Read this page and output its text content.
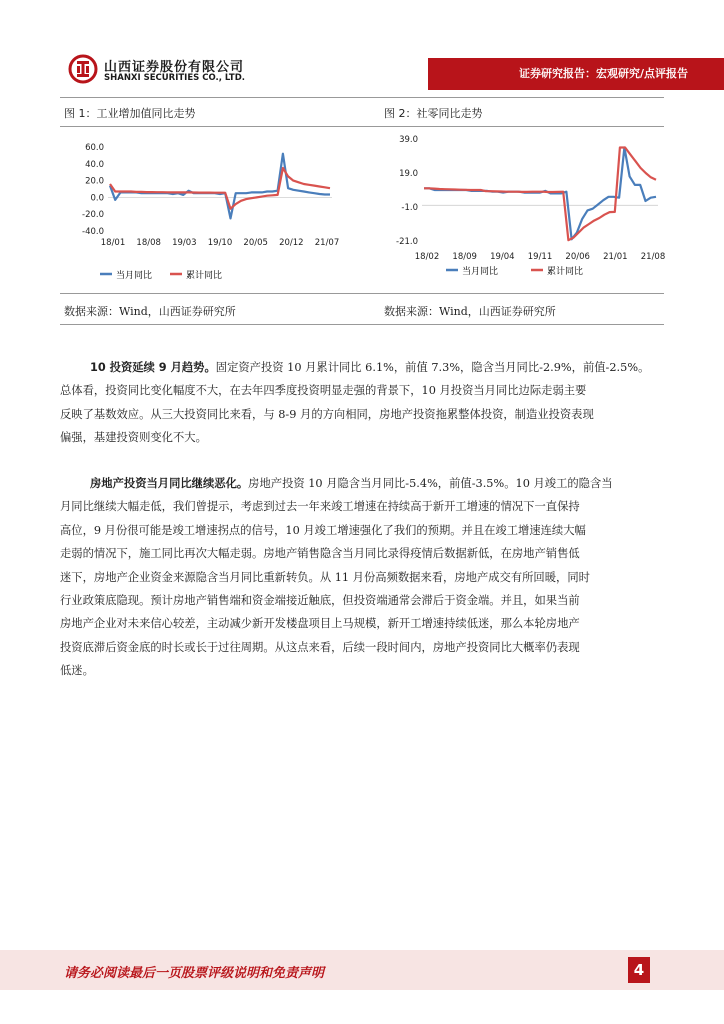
山西证券股份有限公司
SHANXI SECURITIES CO., LTD.	证券研究报告：宏观研究/点评报告
图 1：工业增加值同比走势	图 2：社零同比走势
当月同比	累计同比
60.0
40.0
20.0
0.0
-20.0
-40.0
18/01 18/08 19/03 19/10 20/05 20/12 21/07
当月同比	累计同比
39.0
19.0
-1.0
-21.0
18/02 18/09 19/04 19/11 20/06 21/01 21/08
数据来源：Wind，山西证券研究所	数据来源：Wind，山西证券研究所
10 投资延续 9 月趋势。固定资产投资 10 月累计同比 6.1%，前值 7.3%，隐含当月同比-2.9%，前值-2.5%。
总体看，投资同比变化幅度不大，在去年四季度投资明显走强的背景下，10 月投资当月同比边际走弱主要
反映了基数效应。从三大投资同比来看，与 8-9 月的方向相同，房地产投资拖累整体投资，制造业投资表现
偏强，基建投资则变化不大。
房地产投资当月同比继续恶化。房地产投资 10 月隐含当月同比-5.4%，前值-3.5%。10 月竣工的隐含当
月同比继续大幅走低，我们曾提示，考虑到过去一年来竣工增速在持续高于新开工增速的情况下一直保持
高位，9 月份很可能是竣工增速拐点的信号，10 月竣工增速强化了我们的预期。并且在竣工增速连续大幅
走弱的情况下，施工同比再次大幅走弱。房地产销售隐含当月同比录得疫情后数据新低，在房地产销售低
迷下，房地产企业资金来源隐含当月同比重新转负。从 11 月份高频数据来看，房地产成交有所回暖，同时
行业政策底隐现。预计房地产销售端和资金端接近触底，但投资端通常会滞后于资金端。并且，如果当前
房地产企业对未来信心较差，主动减少新开发楼盘项目上马规模，新开工增速持续低迷，那么本轮房地产
投资底滞后资金底的时长或长于过往周期。从这点来看，后续一段时间内，房地产投资同比大概率仍表现
低迷。
请务必阅读最后一页股票评级说明和免责声明	4
